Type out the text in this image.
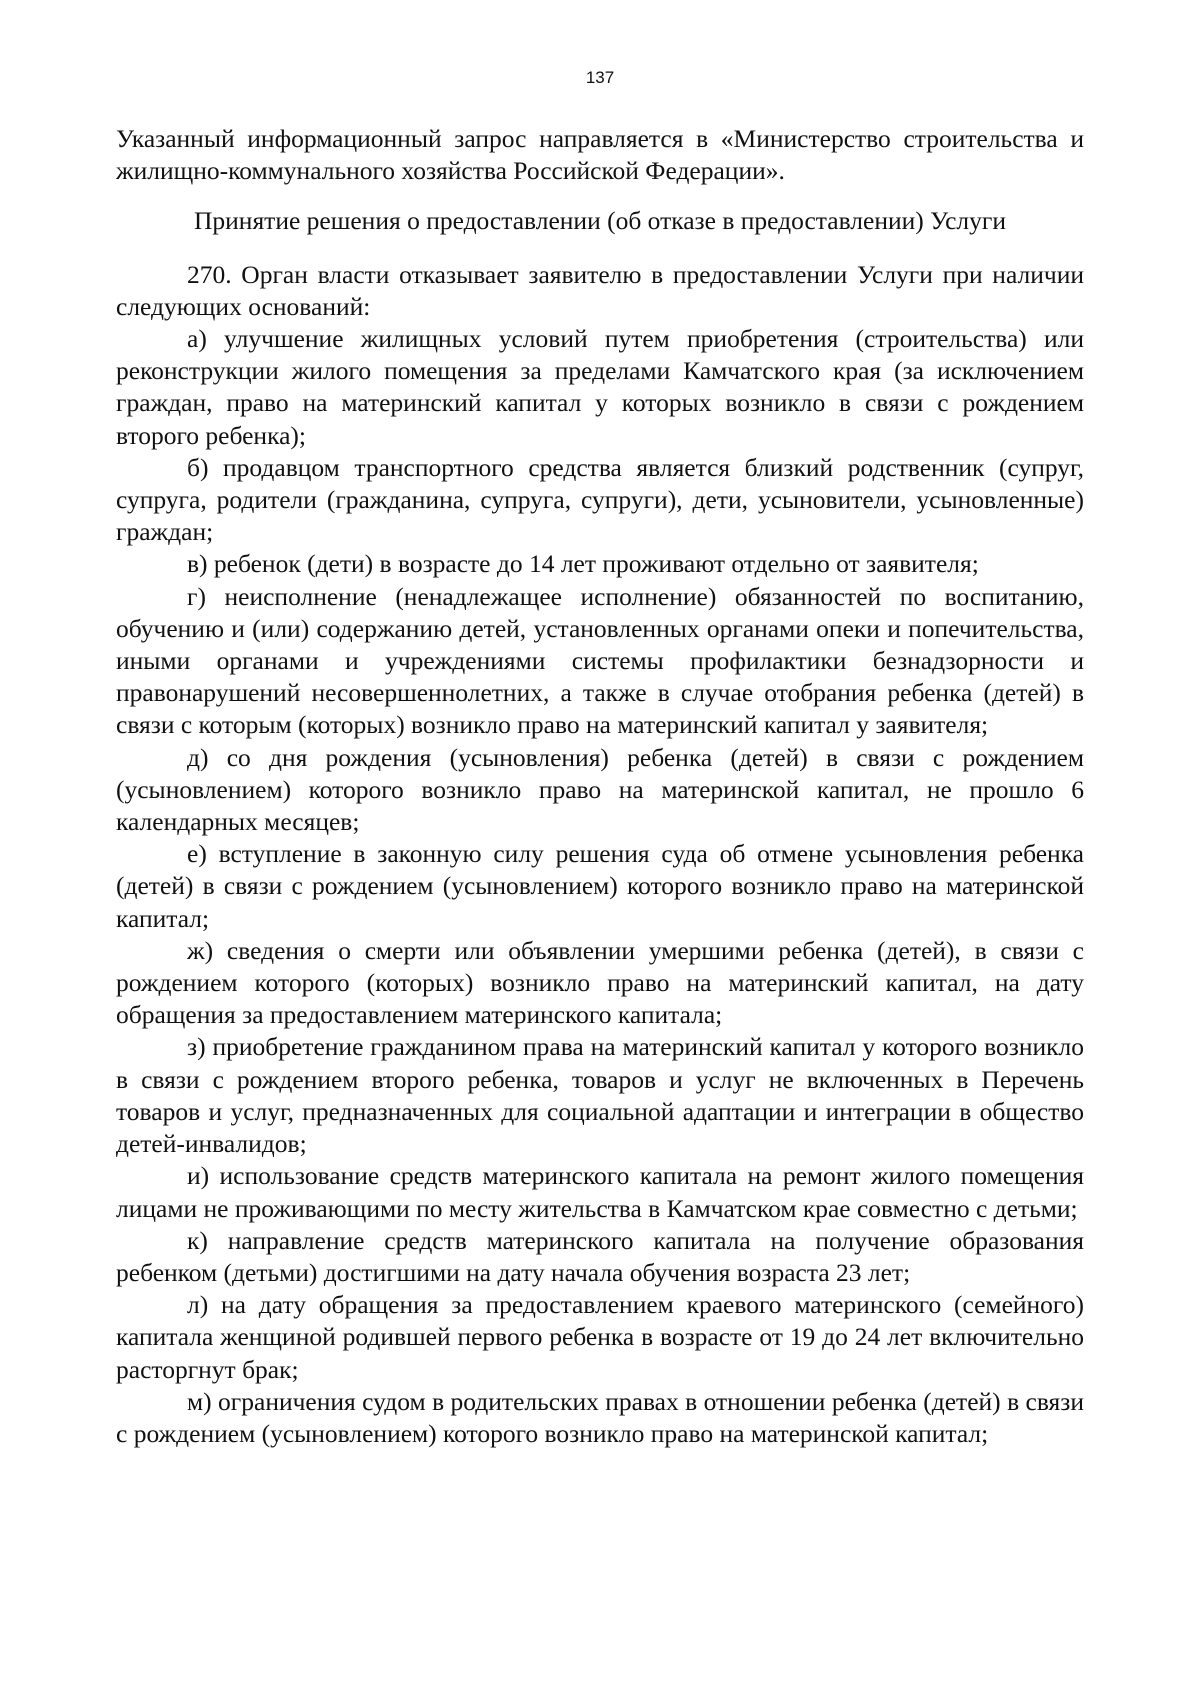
137

Указанный информационный запрос направляется в «Министерство строительства и жилищно-коммунального хозяйства Российской Федерации».

Принятие решения о предоставлении (об отказе в предоставлении) Услуги

270. Орган власти отказывает заявителю в предоставлении Услуги при наличии следующих оснований:

а) улучшение жилищных условий путем приобретения (строительства) или реконструкции жилого помещения за пределами Камчатского края (за исключением граждан, право на материнский капитал у которых возникло в связи с рождением второго ребенка);

б) продавцом транспортного средства является близкий родственник (супруг, супруга, родители (гражданина, супруга, супруги), дети, усыновители, усыновленные) граждан;

в) ребенок (дети) в возрасте до 14 лет проживают отдельно от заявителя;

г) неисполнение (ненадлежащее исполнение) обязанностей по воспитанию, обучению и (или) содержанию детей, установленных органами опеки и попечительства, иными органами и учреждениями системы профилактики безнадзорности и правонарушений несовершеннолетних, а также в случае отобрания ребенка (детей) в связи с которым (которых) возникло право на материнский капитал у заявителя;

д) со дня рождения (усыновления) ребенка (детей) в связи с рождением (усыновлением) которого возникло право на материнской капитал, не прошло 6 календарных месяцев;

е) вступление в законную силу решения суда об отмене усыновления ребенка (детей) в связи с рождением (усыновлением) которого возникло право на материнской капитал;

ж) сведения о смерти или объявлении умершими ребенка (детей), в связи с рождением которого (которых) возникло право на материнский капитал, на дату обращения за предоставлением материнского капитала;

з) приобретение гражданином права на материнский капитал у которого возникло в связи с рождением второго ребенка, товаров и услуг не включенных в Перечень товаров и услуг, предназначенных для социальной адаптации и интеграции в общество детей-инвалидов;

и) использование средств материнского капитала на ремонт жилого помещения лицами не проживающими по месту жительства в Камчатском крае совместно с детьми;

к) направление средств материнского капитала на получение образования ребенком (детьми) достигшими на дату начала обучения возраста 23 лет;

л) на дату обращения за предоставлением краевого материнского (семейного) капитала женщиной родившей первого ребенка в возрасте от 19 до 24 лет включительно расторгнут брак;

м) ограничения судом в родительских правах в отношении ребенка (детей) в связи с рождением (усыновлением) которого возникло право на материнской капитал;
